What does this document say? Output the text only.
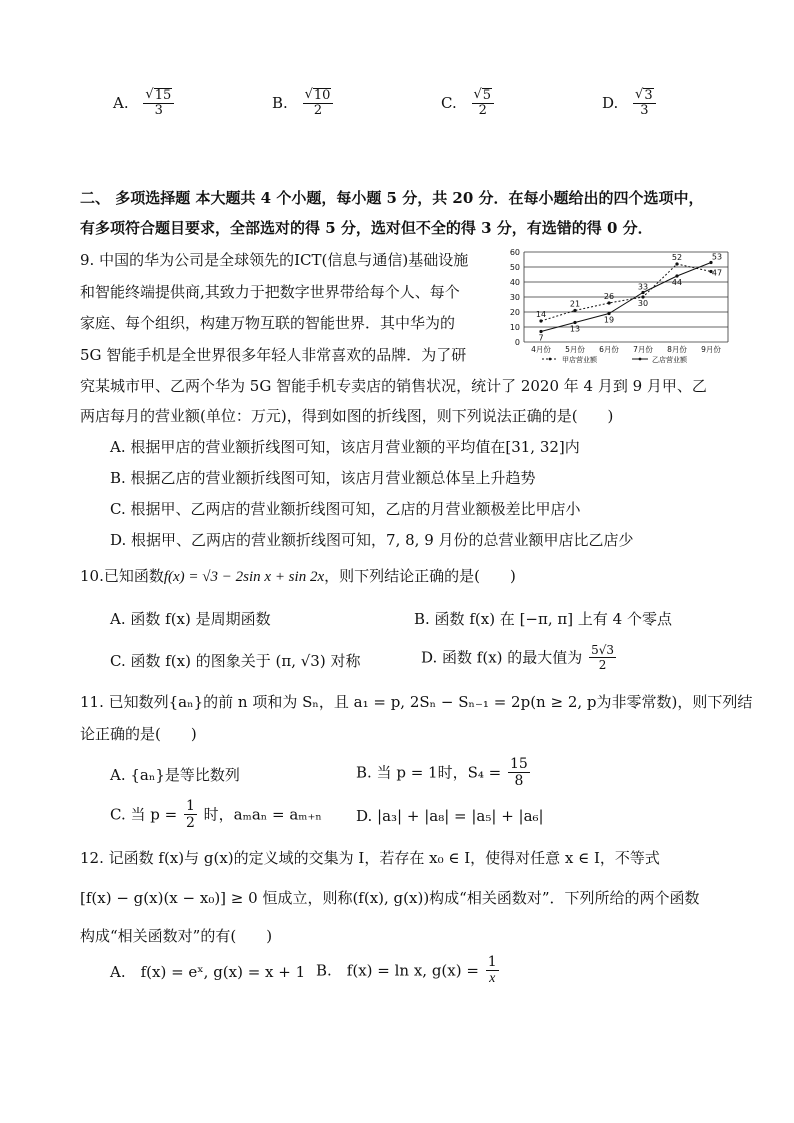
A. $\frac{√ 15}{3}$	B. $\frac{√ 10}{2}$	C. $\frac{√ 5}{2}$	D. $\frac{√ 3}{3}$
二、 多项选择题 本大题共 4 个小题，每小题 5 分，共 20 分．在每小题给出的四个选项中，
有多项符合题目要求，全部选对的得 5 分，选对但不全的得 3 分，有选错的得 0 分．
9. 中国的华为公司是全球领先的ICT(信息与通信)基础设施
和智能终端提供商,其致力于把数字世界带给每个人、每个
家庭、每个组织，构建万物互联的智能世界．其中华为的
5G 智能手机是全世界很多年轻人非常喜欢的品牌．为了研
究某城市甲、乙两个华为 5G 智能手机专卖店的销售状况，统计了 2020 年 4 月到 9 月甲、乙
两店每月的营业额(单位：万元)，得到如图的折线图，则下列说法正确的是(　　)
0
10
20
30
40
50
60
4月份 5月份 6月份 7月份 8月份 9月份
14
21
26
30
52
47
7
13
19
33	44
53
甲店营业额	乙店营业额
A. 根据甲店的营业额折线图可知，该店月营业额的平均值在[31, 32]内
B. 根据乙店的营业额折线图可知，该店月营业额总体呈上升趋势
C. 根据甲、乙两店的营业额折线图可知，乙店的月营业额极差比甲店小
D. 根据甲、乙两店的营业额折线图可知，7, 8, 9 月份的总营业额甲店比乙店少
10.已知函数f(x) = √3 − 2sin x + sin 2x，则下列结论正确的是(　　)
A. 函数 f(x) 是周期函数	B. 函数 f(x) 在 [−π, π] 上有 4 个零点
C. 函数 f(x) 的图象关于 (π, √3) 对称	D. 函数 f(x) 的最大值为 $\frac{5√3}{2}$
11. 已知数列{aₙ}的前 n 项和为 Sₙ，且 a₁ = p, 2Sₙ − Sₙ₋₁ = 2p(n ≥ 2, p为非零常数)，则下列结
论正确的是(　　)
A. {aₙ}是等比数列	B. 当 p = 1时，$S_4 = \frac{15}{8}$
C. 当 $p = \frac{1}{2}$ 时，aₘaₙ = aₘ₊ₙ D. |a₃| + |a₈| = |a₅| + |a₆|
12. 记函数 f(x)与 g(x)的定义域的交集为 I，若存在 x₀ ∈ I，使得对任意 x ∈ I，不等式
[f(x) − g(x)(x − x₀)] ≥ 0 恒成立，则称(f(x), g(x))构成“相关函数对”．下列所给的两个函数
构成“相关函数对”的有(　　)
A.　f(x) = eˣ, g(x) = x + 1 B.　f(x) = ln x, $g(x) = \frac{1}{x}$
